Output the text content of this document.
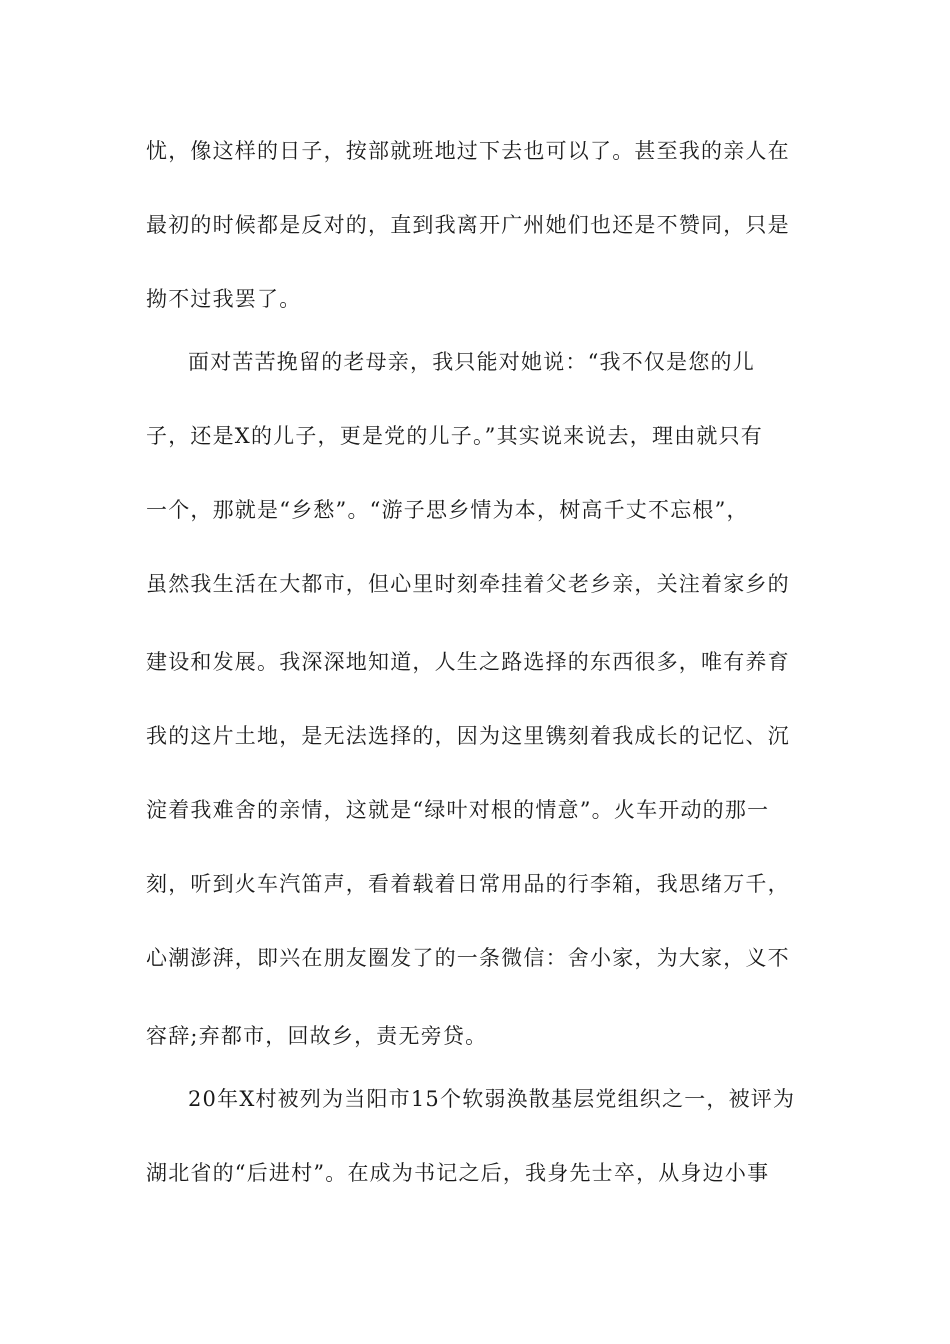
忧，像这样的日子，按部就班地过下去也可以了。甚至我的亲人在
最初的时候都是反对的，直到我离开广州她们也还是不赞同，只是
拗不过我罢了。
面对苦苦挽留的老母亲，我只能对她说：“我不仅是您的儿
子，还是X的儿子，更是党的儿子。”其实说来说去，理由就只有
一个，那就是“乡愁”。“游子思乡情为本，树高千丈不忘根”，
虽然我生活在大都市，但心里时刻牵挂着父老乡亲，关注着家乡的
建设和发展。我深深地知道，人生之路选择的东西很多，唯有养育
我的这片土地，是无法选择的，因为这里镌刻着我成长的记忆、沉
淀着我难舍的亲情，这就是“绿叶对根的情意”。火车开动的那一
刻，听到火车汽笛声，看着载着日常用品的行李箱，我思绪万千，
心潮澎湃，即兴在朋友圈发了的一条微信：舍小家，为大家，义不
容辞;弃都市，回故乡，责无旁贷。
20年X村被列为当阳市15个软弱涣散基层党组织之一，被评为
湖北省的“后进村”。在成为书记之后，我身先士卒，从身边小事
